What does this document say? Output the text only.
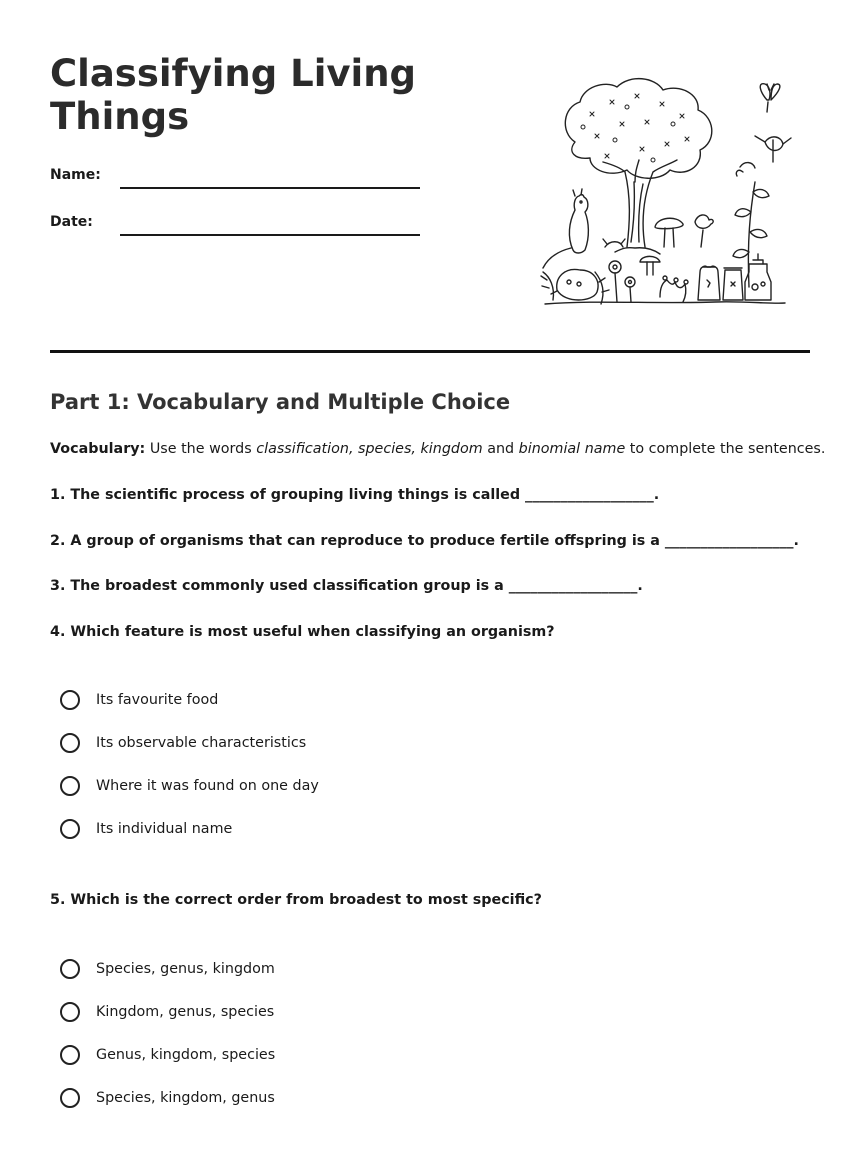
Classifying Living Things
Name:
Date:
Part 1: Vocabulary and Multiple Choice
Vocabulary: Use the words classification, species, kingdom and binomial name to complete the sentences.
1. The scientific process of grouping living things is called __________________.
2. A group of organisms that can reproduce to produce fertile offspring is a __________________.
3. The broadest commonly used classification group is a __________________.
4. Which feature is most useful when classifying an organism?
Its favourite food
Its observable characteristics
Where it was found on one day
Its individual name
5. Which is the correct order from broadest to most specific?
Species, genus, kingdom
Kingdom, genus, species
Genus, kingdom, species
Species, kingdom, genus
